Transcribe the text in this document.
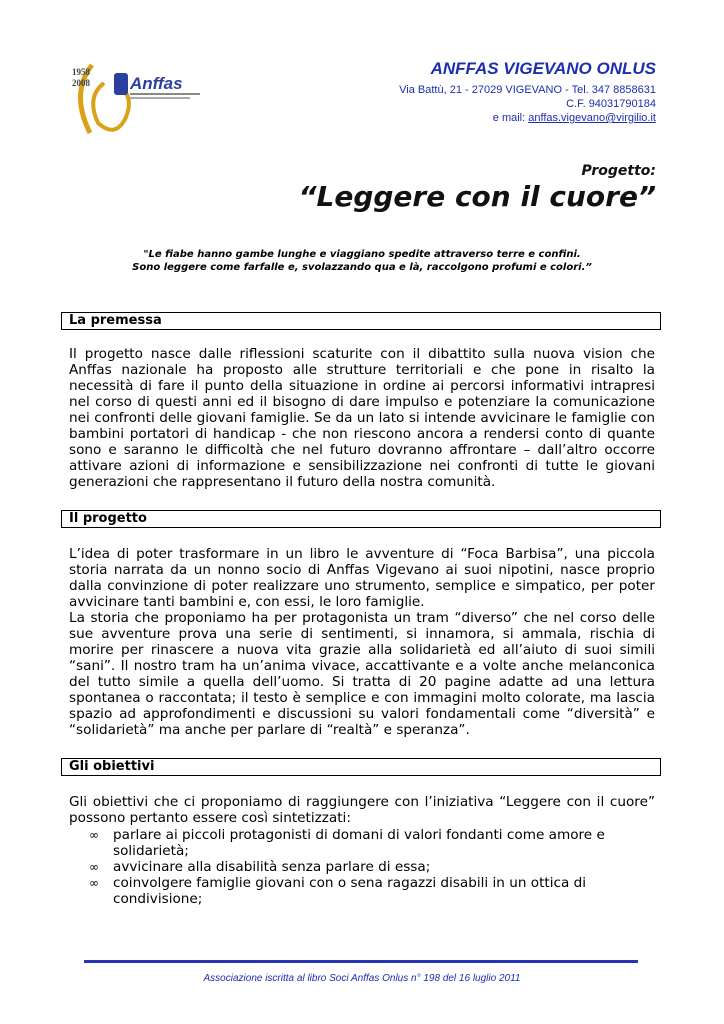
1958
2008 Anffas
ANFFAS VIGEVANO ONLUS
Via Battù, 21 - 27029 VIGEVANO - Tel. 347 8858631
C.F. 94031790184
e mail: anffas.vigevano@virgilio.it
Progetto:
“Leggere con il cuore”
"Le fiabe hanno gambe lunghe e viaggiano spedite attraverso terre e confini.
Sono leggere come farfalle e, svolazzando qua e là, raccolgono profumi e colori.”
La premessa
Il progetto nasce dalle riflessioni scaturite con il dibattito sulla nuova vision che Anffas nazionale ha proposto alle strutture territoriali e che pone in risalto la necessità di fare il punto della situazione in ordine ai percorsi informativi intrapresi nel corso di questi anni ed il bisogno di dare impulso e potenziare la comunicazione nei confronti delle giovani famiglie. Se da un lato si intende avvicinare le famiglie con bambini portatori di handicap - che non riescono ancora a rendersi conto di quante sono e saranno le difficoltà che nel futuro dovranno affrontare – dall’altro occorre attivare azioni di informazione e sensibilizzazione nei confronti di tutte le giovani generazioni che rappresentano il futuro della nostra comunità.
Il progetto
L’idea di poter trasformare in un libro le avventure di “Foca Barbisa”, una piccola storia narrata da un nonno socio di Anffas Vigevano ai suoi nipotini, nasce proprio dalla convinzione di poter realizzare uno strumento, semplice e simpatico, per poter avvicinare tanti bambini e, con essi, le loro famiglie.
La storia che proponiamo ha per protagonista un tram “diverso” che nel corso delle sue avventure prova una serie di sentimenti, si innamora, si ammala, rischia di morire per rinascere a nuova vita grazie alla solidarietà ed all’aiuto di suoi simili “sani”. Il nostro tram ha un’anima vivace, accattivante e a volte anche melanconica del tutto simile a quella dell’uomo. Si tratta di 20 pagine adatte ad una lettura spontanea o raccontata; il testo è semplice e con immagini molto colorate, ma lascia spazio ad approfondimenti e discussioni su valori fondamentali come “diversità” e “solidarietà” ma anche per parlare di “realtà” e speranza”.
Gli obiettivi
Gli obiettivi che ci proponiamo di raggiungere con l’iniziativa “Leggere con il cuore” possono pertanto essere così sintetizzati:
∞ parlare ai piccoli protagonisti di domani di valori fondanti come amore e solidarietà;
∞ avvicinare alla disabilità senza parlare di essa;
∞ coinvolgere famiglie giovani con o sena ragazzi disabili in un ottica di condivisione;
Associazione iscritta al libro Soci Anffas Onlus n° 198 del 16 luglio 2011
